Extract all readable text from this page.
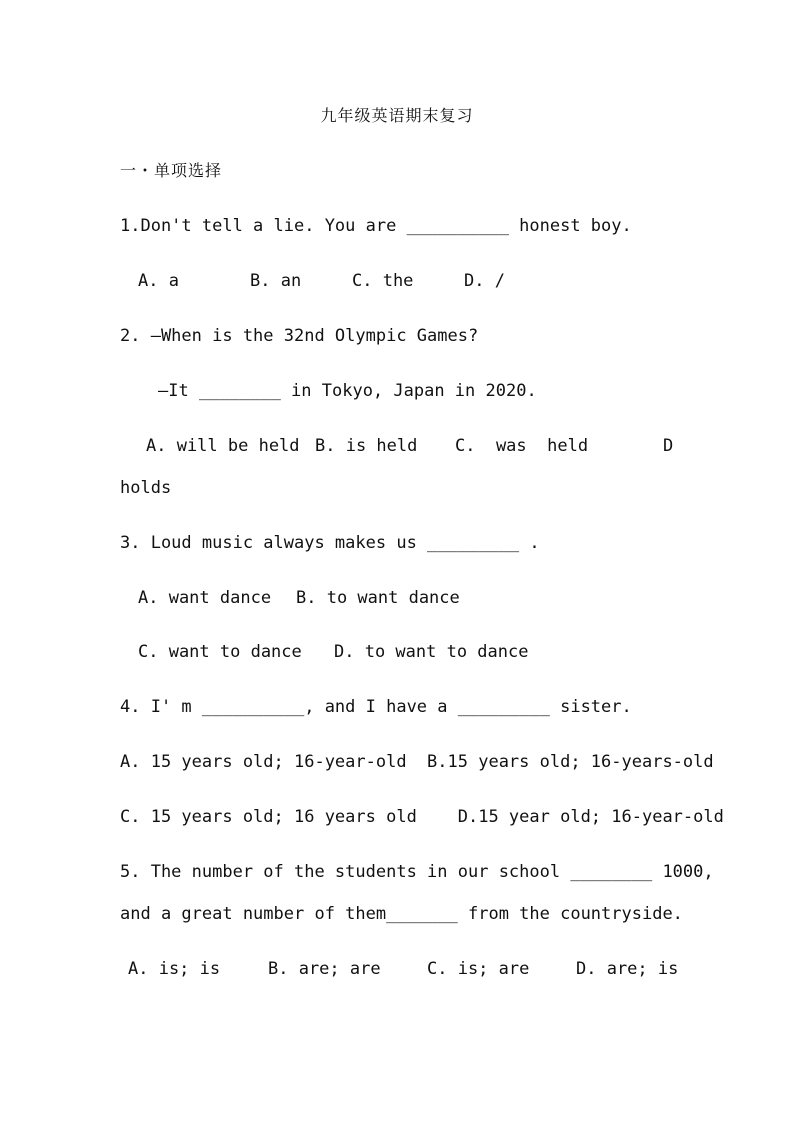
九年级英语期末复习
一・单项选择
1.Don't tell a lie. You are __________ honest boy.
A. a	B. an	C. the	D. /
2. —When is the 32nd Olympic Games?
—It ________ in Tokyo, Japan in 2020.
A. will be held B. is held C.  was  held	D
holds
3. Loud music always makes us _________ .
A. want dance B. to want dance
C. want to dance D. to want to dance
4. I' m __________, and I have a _________ sister.
A. 15 years old; 16-year-old  B.15 years old; 16-years-old
C. 15 years old; 16 years old    D.15 year old; 16-year-old
5. The number of the students in our school ________ 1000,
and a great number of them_______ from the countryside.
A. is; is	B. are; are	C. is; are	D. are; is
